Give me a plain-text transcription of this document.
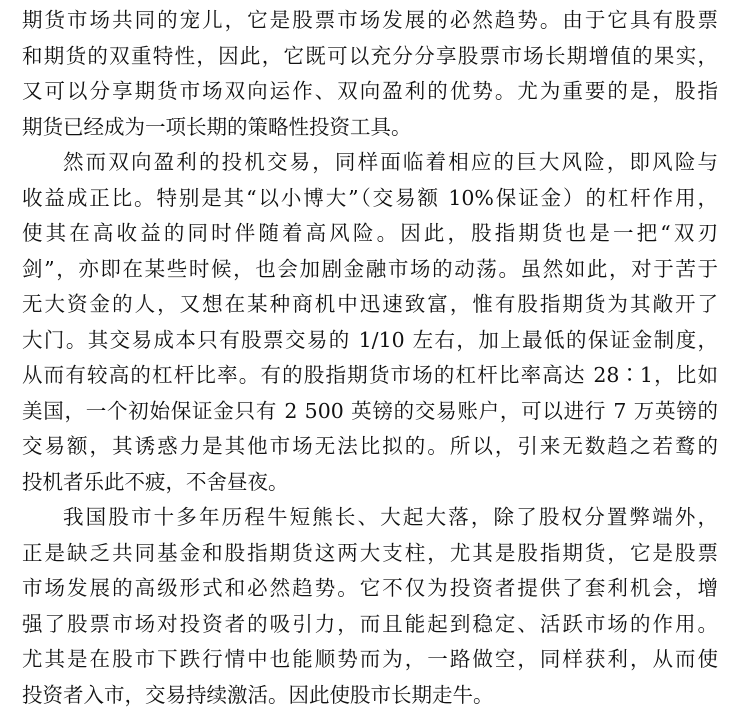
期货市场共同的宠儿，它是股票市场发展的必然趋势。由于它具有股票
和期货的双重特性，因此，它既可以充分分享股票市场长期增值的果实，
又可以分享期货市场双向运作、双向盈利的优势。尤为重要的是，股指
期货已经成为一项长期的策略性投资工具。
然而双向盈利的投机交易，同样面临着相应的巨大风险，即风险与
收益成正比。特别是其“以小博大”（交易额 10%保证金）的杠杆作用，
使其在高收益的同时伴随着高风险。因此，股指期货也是一把“双刃
剑”，亦即在某些时候，也会加剧金融市场的动荡。虽然如此，对于苦于
无大资金的人，又想在某种商机中迅速致富，惟有股指期货为其敞开了
大门。其交易成本只有股票交易的 1/10 左右，加上最低的保证金制度，
从而有较高的杠杆比率。有的股指期货市场的杠杆比率高达 28∶1，比如
美国，一个初始保证金只有 2 500 英镑的交易账户，可以进行 7 万英镑的
交易额，其诱惑力是其他市场无法比拟的。所以，引来无数趋之若鹜的
投机者乐此不疲，不舍昼夜。
我国股市十多年历程牛短熊长、大起大落，除了股权分置弊端外，
正是缺乏共同基金和股指期货这两大支柱，尤其是股指期货，它是股票
市场发展的高级形式和必然趋势。它不仅为投资者提供了套利机会，增
强了股票市场对投资者的吸引力，而且能起到稳定、活跃市场的作用。
尤其是在股市下跌行情中也能顺势而为，一路做空，同样获利，从而使
投资者入市，交易持续激活。因此使股市长期走牛。
